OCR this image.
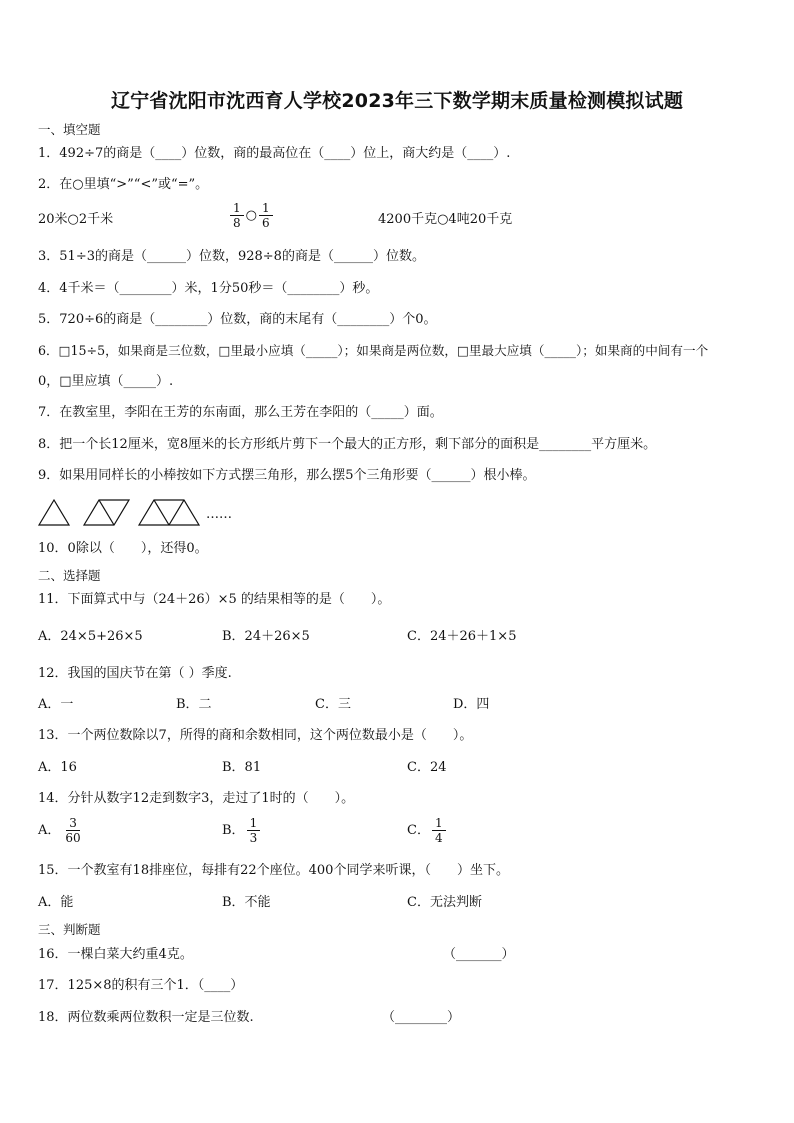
辽宁省沈阳市沈西育人学校2023年三下数学期末质量检测模拟试题
一、填空题
1．492÷7的商是（____）位数，商的最高位在（____）位上，商大约是（____）.
2．在○里填“>”“<”或“=”。
20米○2千米	$\frac{1}{8}$ ○ $\frac{1}{6}$	4200千克○4吨20千克
3．51÷3的商是（______）位数，928÷8的商是（______）位数。
4．4千米＝（________）米，1分50秒＝（________）秒。
5．720÷6的商是（________）位数，商的末尾有（________）个0。
6．□15÷5，如果商是三位数，□里最小应填（_____）；如果商是两位数，□里最大应填（_____）；如果商的中间有一个
0，□里应填（_____）.
7．在教室里，李阳在王芳的东南面，那么王芳在李阳的（_____）面。
8．把一个长12厘米，宽8厘米的长方形纸片剪下一个最大的正方形，剩下部分的面积是________平方厘米。
9．如果用同样长的小棒按如下方式摆三角形，那么摆5个三角形要（______）根小棒。
……
10．0除以（　　），还得0。
二、选择题
11．下面算式中与（24＋26）×5 的结果相等的是（　　）。
A．24×5+26×5	B．24＋26×5	C．24＋26＋1×5
12．我国的国庆节在第（ ）季度.
A．一	B．二	C．三	D．四
13．一个两位数除以7，所得的商和余数相同，这个两位数最小是（　　）。
A．16	B．81	C．24
14．分针从数字12走到数字3，走过了1时的（　　）。
A． $\frac{3}{60}$	B． $\frac{1}{3}$	C． $\frac{1}{4}$
15．一个教室有18排座位，每排有22个座位。400个同学来听课，（　　）坐下。
A．能	B．不能	C．无法判断
三、判断题
16．一棵白菜大约重4克。	（_______）
17．125×8的积有三个1．（____）
18．两位数乘两位数积一定是三位数.	（________）
